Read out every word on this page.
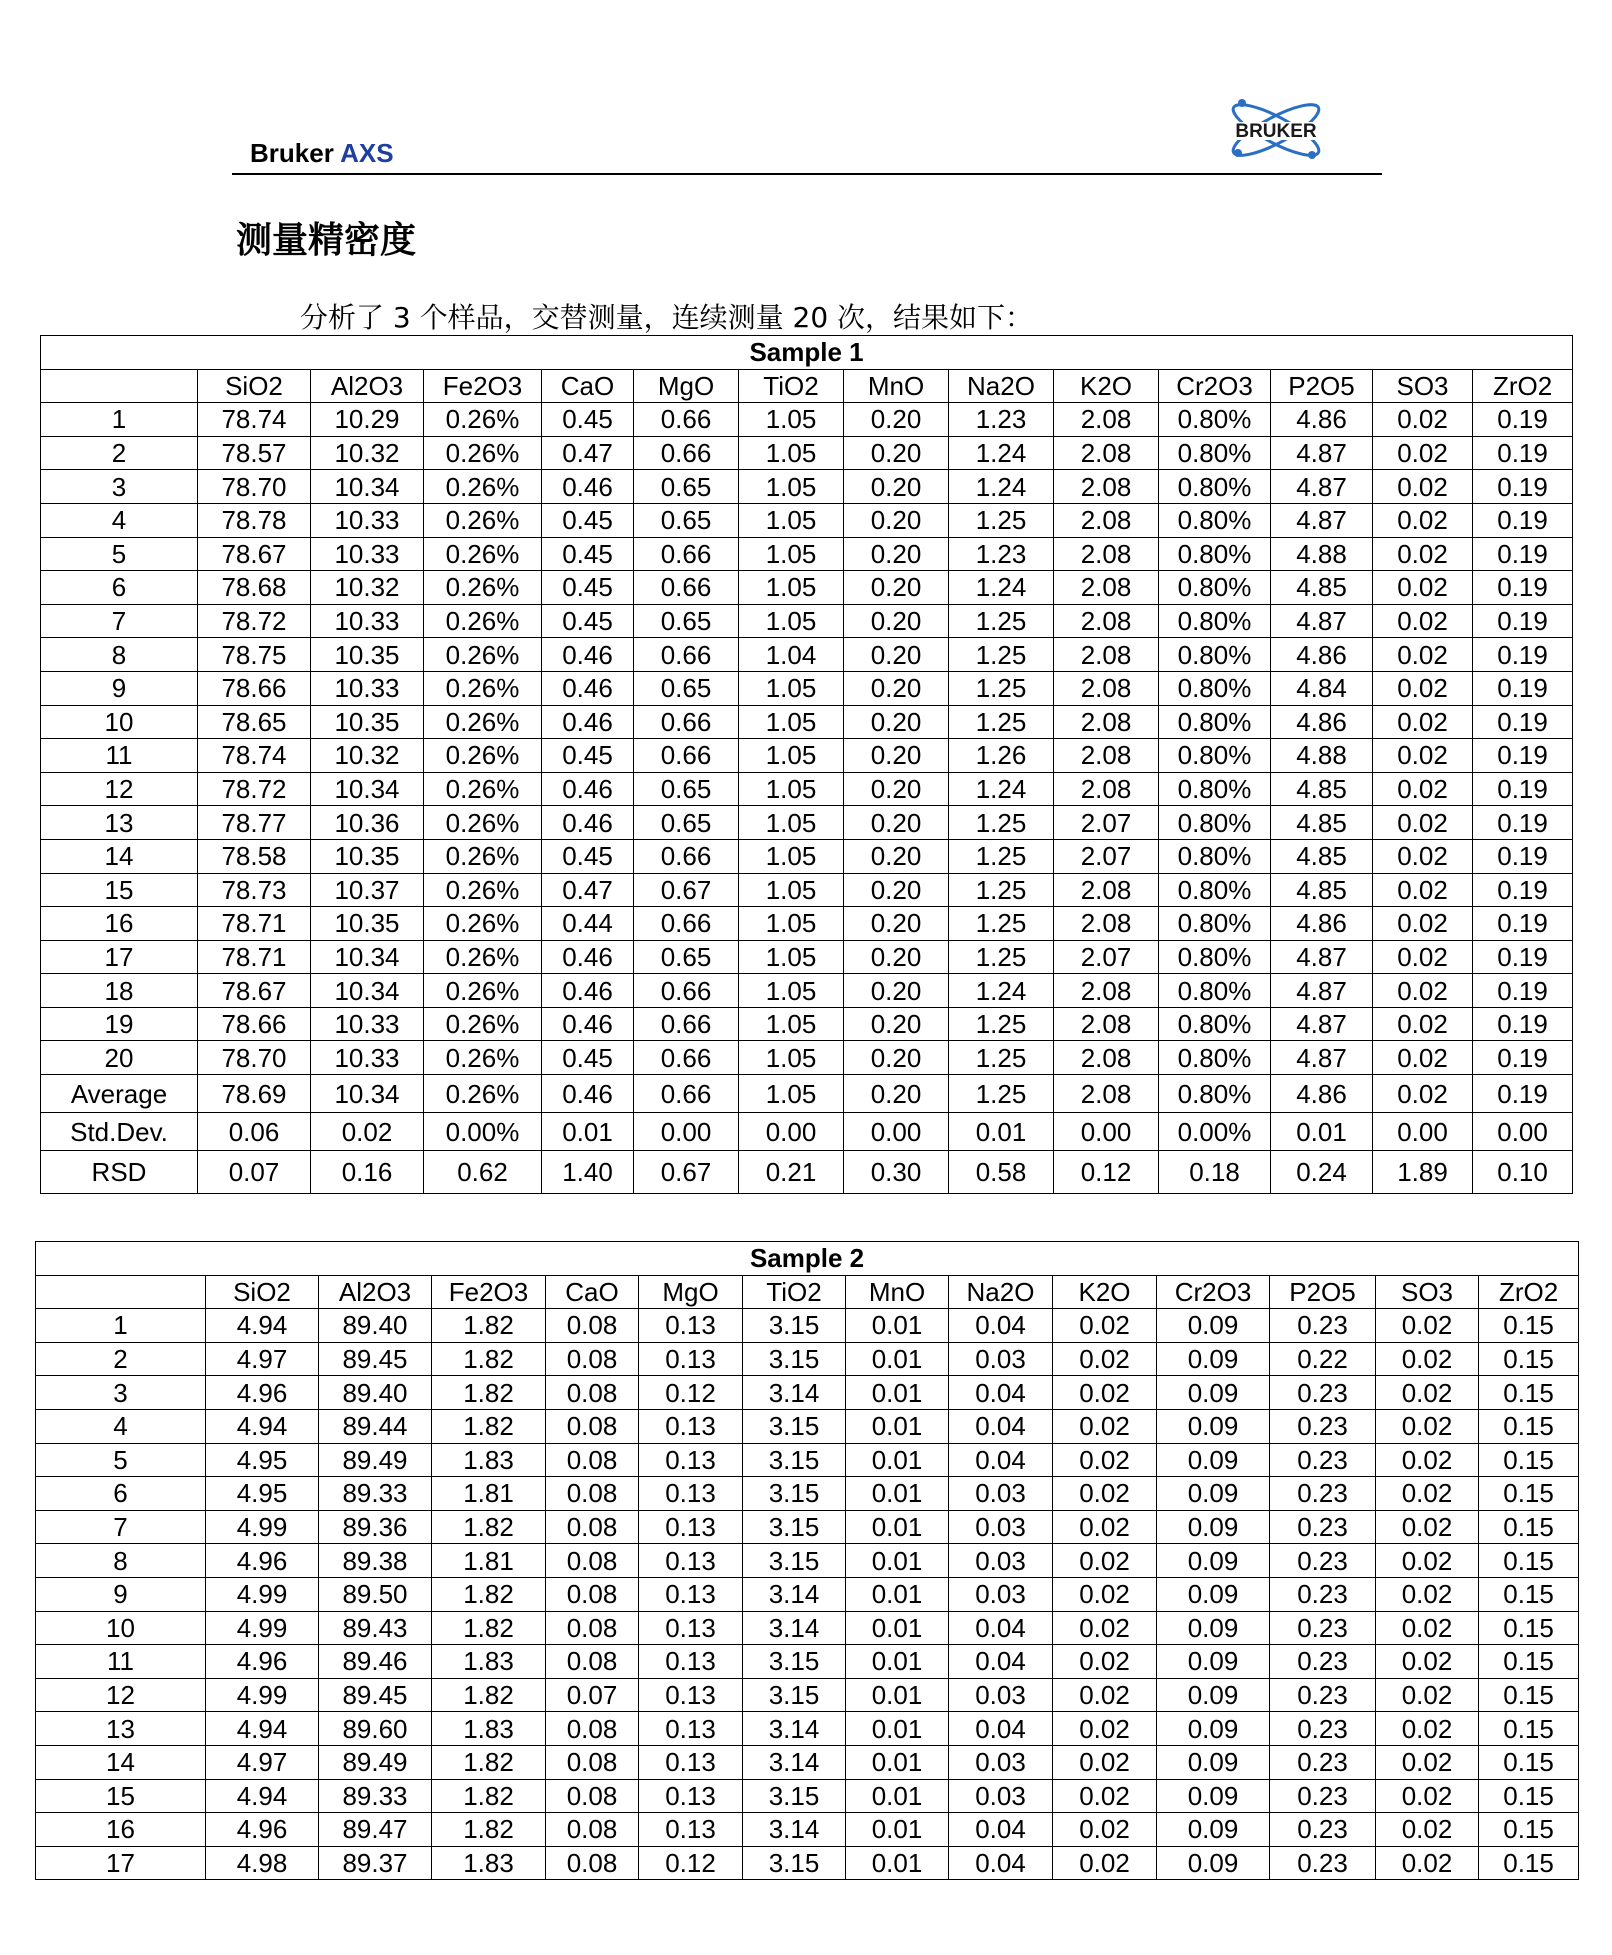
Bruker AXS
BRUKER
测量精密度
分析了 3 个样品，交替测量，连续测量 20 次，结果如下：
Sample 1													
	SiO2	Al2O3	Fe2O3	CaO	MgO	TiO2	MnO	Na2O	K2O	Cr2O3	P2O5	SO3	ZrO2
1	78.74	10.29	0.26%	0.45	0.66	1.05	0.20	1.23	2.08	0.80%	4.86	0.02	0.19
2	78.57	10.32	0.26%	0.47	0.66	1.05	0.20	1.24	2.08	0.80%	4.87	0.02	0.19
3	78.70	10.34	0.26%	0.46	0.65	1.05	0.20	1.24	2.08	0.80%	4.87	0.02	0.19
4	78.78	10.33	0.26%	0.45	0.65	1.05	0.20	1.25	2.08	0.80%	4.87	0.02	0.19
5	78.67	10.33	0.26%	0.45	0.66	1.05	0.20	1.23	2.08	0.80%	4.88	0.02	0.19
6	78.68	10.32	0.26%	0.45	0.66	1.05	0.20	1.24	2.08	0.80%	4.85	0.02	0.19
7	78.72	10.33	0.26%	0.45	0.65	1.05	0.20	1.25	2.08	0.80%	4.87	0.02	0.19
8	78.75	10.35	0.26%	0.46	0.66	1.04	0.20	1.25	2.08	0.80%	4.86	0.02	0.19
9	78.66	10.33	0.26%	0.46	0.65	1.05	0.20	1.25	2.08	0.80%	4.84	0.02	0.19
10	78.65	10.35	0.26%	0.46	0.66	1.05	0.20	1.25	2.08	0.80%	4.86	0.02	0.19
11	78.74	10.32	0.26%	0.45	0.66	1.05	0.20	1.26	2.08	0.80%	4.88	0.02	0.19
12	78.72	10.34	0.26%	0.46	0.65	1.05	0.20	1.24	2.08	0.80%	4.85	0.02	0.19
13	78.77	10.36	0.26%	0.46	0.65	1.05	0.20	1.25	2.07	0.80%	4.85	0.02	0.19
14	78.58	10.35	0.26%	0.45	0.66	1.05	0.20	1.25	2.07	0.80%	4.85	0.02	0.19
15	78.73	10.37	0.26%	0.47	0.67	1.05	0.20	1.25	2.08	0.80%	4.85	0.02	0.19
16	78.71	10.35	0.26%	0.44	0.66	1.05	0.20	1.25	2.08	0.80%	4.86	0.02	0.19
17	78.71	10.34	0.26%	0.46	0.65	1.05	0.20	1.25	2.07	0.80%	4.87	0.02	0.19
18	78.67	10.34	0.26%	0.46	0.66	1.05	0.20	1.24	2.08	0.80%	4.87	0.02	0.19
19	78.66	10.33	0.26%	0.46	0.66	1.05	0.20	1.25	2.08	0.80%	4.87	0.02	0.19
20	78.70	10.33	0.26%	0.45	0.66	1.05	0.20	1.25	2.08	0.80%	4.87	0.02	0.19
Average	78.69	10.34	0.26%	0.46	0.66	1.05	0.20	1.25	2.08	0.80%	4.86	0.02	0.19
Std.Dev.	0.06	0.02	0.00%	0.01	0.00	0.00	0.00	0.01	0.00	0.00%	0.01	0.00	0.00
RSD	0.07	0.16	0.62	1.40	0.67	0.21	0.30	0.58	0.12	0.18	0.24	1.89	0.10
Sample 2													
	SiO2	Al2O3	Fe2O3	CaO	MgO	TiO2	MnO	Na2O	K2O	Cr2O3	P2O5	SO3	ZrO2
1	4.94	89.40	1.82	0.08	0.13	3.15	0.01	0.04	0.02	0.09	0.23	0.02	0.15
2	4.97	89.45	1.82	0.08	0.13	3.15	0.01	0.03	0.02	0.09	0.22	0.02	0.15
3	4.96	89.40	1.82	0.08	0.12	3.14	0.01	0.04	0.02	0.09	0.23	0.02	0.15
4	4.94	89.44	1.82	0.08	0.13	3.15	0.01	0.04	0.02	0.09	0.23	0.02	0.15
5	4.95	89.49	1.83	0.08	0.13	3.15	0.01	0.04	0.02	0.09	0.23	0.02	0.15
6	4.95	89.33	1.81	0.08	0.13	3.15	0.01	0.03	0.02	0.09	0.23	0.02	0.15
7	4.99	89.36	1.82	0.08	0.13	3.15	0.01	0.03	0.02	0.09	0.23	0.02	0.15
8	4.96	89.38	1.81	0.08	0.13	3.15	0.01	0.03	0.02	0.09	0.23	0.02	0.15
9	4.99	89.50	1.82	0.08	0.13	3.14	0.01	0.03	0.02	0.09	0.23	0.02	0.15
10	4.99	89.43	1.82	0.08	0.13	3.14	0.01	0.04	0.02	0.09	0.23	0.02	0.15
11	4.96	89.46	1.83	0.08	0.13	3.15	0.01	0.04	0.02	0.09	0.23	0.02	0.15
12	4.99	89.45	1.82	0.07	0.13	3.15	0.01	0.03	0.02	0.09	0.23	0.02	0.15
13	4.94	89.60	1.83	0.08	0.13	3.14	0.01	0.04	0.02	0.09	0.23	0.02	0.15
14	4.97	89.49	1.82	0.08	0.13	3.14	0.01	0.03	0.02	0.09	0.23	0.02	0.15
15	4.94	89.33	1.82	0.08	0.13	3.15	0.01	0.03	0.02	0.09	0.23	0.02	0.15
16	4.96	89.47	1.82	0.08	0.13	3.14	0.01	0.04	0.02	0.09	0.23	0.02	0.15
17	4.98	89.37	1.83	0.08	0.12	3.15	0.01	0.04	0.02	0.09	0.23	0.02	0.15
